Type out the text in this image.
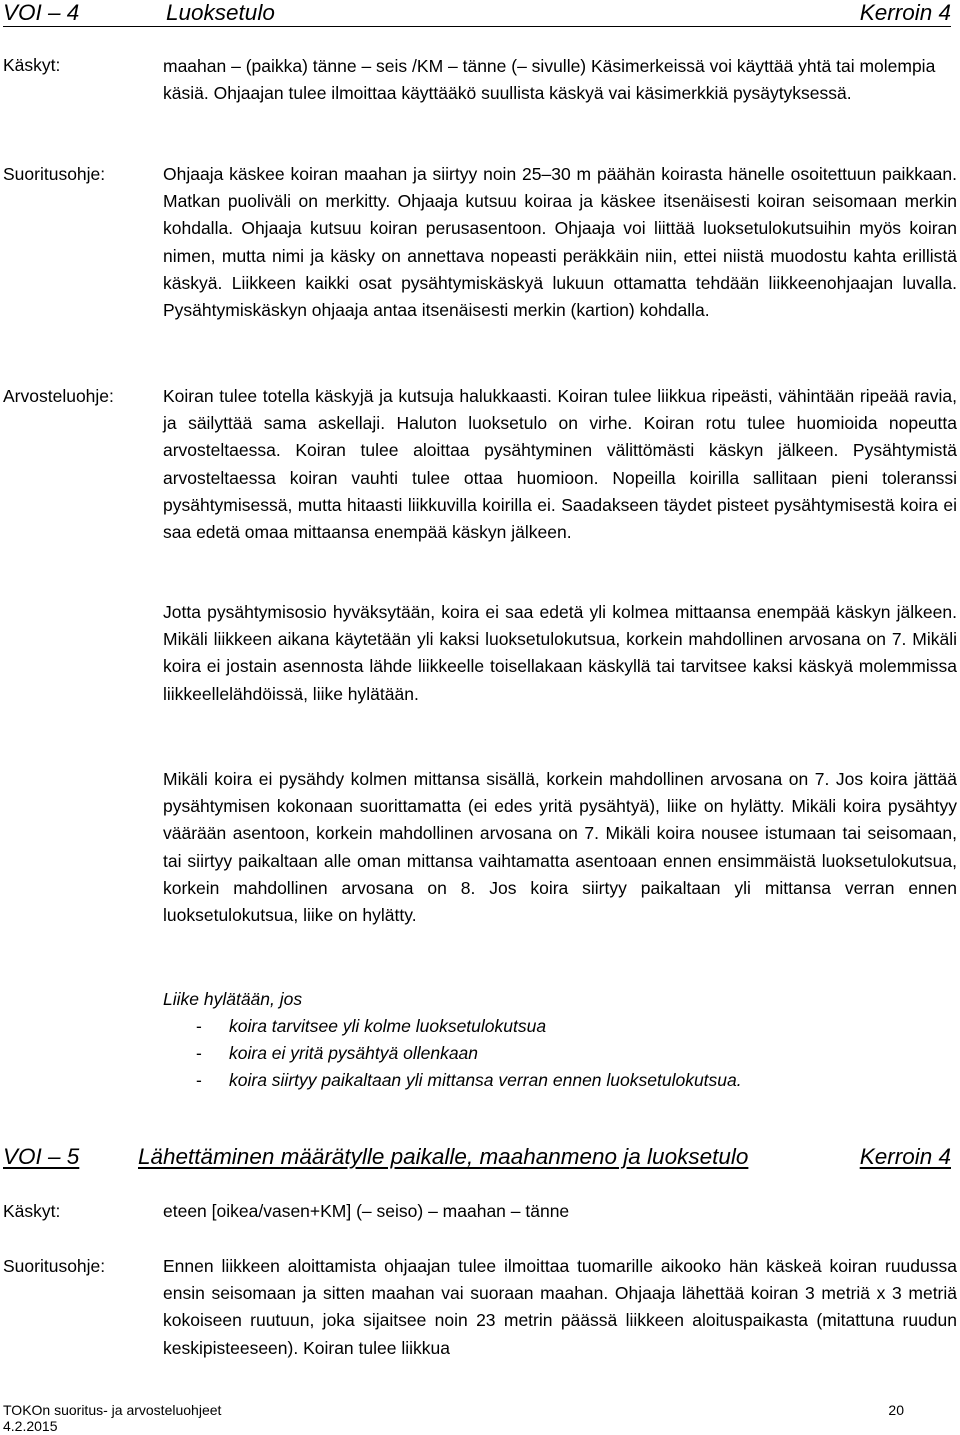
VOI – 4	Luoksetulo	Kerroin 4
Käskyt:	maahan – (paikka) tänne – seis /KM – tänne (– sivulle) Käsimerkeissä voi käyttää yhtä tai molempia käsiä. Ohjaajan tulee ilmoittaa käyttääkö suullista käskyä vai käsimerkkiä pysäytyksessä.
Suoritusohje:	Ohjaaja käskee koiran maahan ja siirtyy noin 25–30 m päähän koirasta hänelle osoitettuun paikkaan. Matkan puoliväli on merkitty. Ohjaaja kutsuu koiraa ja käskee itsenäisesti koiran seisomaan merkin kohdalla. Ohjaaja kutsuu koiran perusasentoon. Ohjaaja voi liittää luoksetulokutsuihin myös koiran nimen, mutta nimi ja käsky on annettava nopeasti peräkkäin niin, ettei niistä muodostu kahta erillistä käskyä. Liikkeen kaikki osat pysähtymiskäskyä lukuun ottamatta tehdään liikkeenohjaajan luvalla. Pysähtymiskäskyn ohjaaja antaa itsenäisesti merkin (kartion) kohdalla.
Arvosteluohje:	Koiran tulee totella käskyjä ja kutsuja halukkaasti. Koiran tulee liikkua ripeästi, vähintään ripeää ravia, ja säilyttää sama askellaji. Haluton luoksetulo on virhe. Koiran rotu tulee huomioida nopeutta arvosteltaessa. Koiran tulee aloittaa pysähtyminen välittömästi käskyn jälkeen. Pysähtymistä arvosteltaessa koiran vauhti tulee ottaa huomioon. Nopeilla koirilla sallitaan pieni toleranssi pysähtymisessä, mutta hitaasti liikkuvilla koirilla ei. Saadakseen täydet pisteet pysähtymisestä koira ei saa edetä omaa mittaansa enempää käskyn jälkeen.
Jotta pysähtymisosio hyväksytään, koira ei saa edetä yli kolmea mittaansa enempää käskyn jälkeen. Mikäli liikkeen aikana käytetään yli kaksi luoksetulokutsua, korkein mahdollinen arvosana on 7. Mikäli koira ei jostain asennosta lähde liikkeelle toisellakaan käskyllä tai tarvitsee kaksi käskyä molemmissa liikkeellelähdöissä, liike hylätään.
Mikäli koira ei pysähdy kolmen mittansa sisällä, korkein mahdollinen arvosana on 7. Jos koira jättää pysähtymisen kokonaan suorittamatta (ei edes yritä pysähtyä), liike on hylätty. Mikäli koira pysähtyy väärään asentoon, korkein mahdollinen arvosana on 7. Mikäli koira nousee istumaan tai seisomaan, tai siirtyy paikaltaan alle oman mittansa vaihtamatta asentoaan ennen ensimmäistä luoksetulokutsua, korkein mahdollinen arvosana on 8. Jos koira siirtyy paikaltaan yli mittansa verran ennen luoksetulokutsua, liike on hylätty.
Liike hylätään, jos
- koira tarvitsee yli kolme luoksetulokutsua
- koira ei yritä pysähtyä ollenkaan
- koira siirtyy paikaltaan yli mittansa verran ennen luoksetulokutsua.
VOI – 5	Lähettäminen määrätylle paikalle, maahanmeno ja luoksetulo	Kerroin 4
Käskyt:	eteen [oikea/vasen+KM] (– seiso) – maahan – tänne
Suoritusohje:	Ennen liikkeen aloittamista ohjaajan tulee ilmoittaa tuomarille aikooko hän käskeä koiran ruudussa ensin seisomaan ja sitten maahan vai suoraan maahan. Ohjaaja lähettää koiran 3 metriä x 3 metriä kokoiseen ruutuun, joka sijaitsee noin 23 metrin päässä liikkeen aloituspaikasta (mitattuna ruudun keskipisteeseen). Koiran tulee liikkua
TOKOn suoritus- ja arvosteluohjeet
4.2.2015
20
